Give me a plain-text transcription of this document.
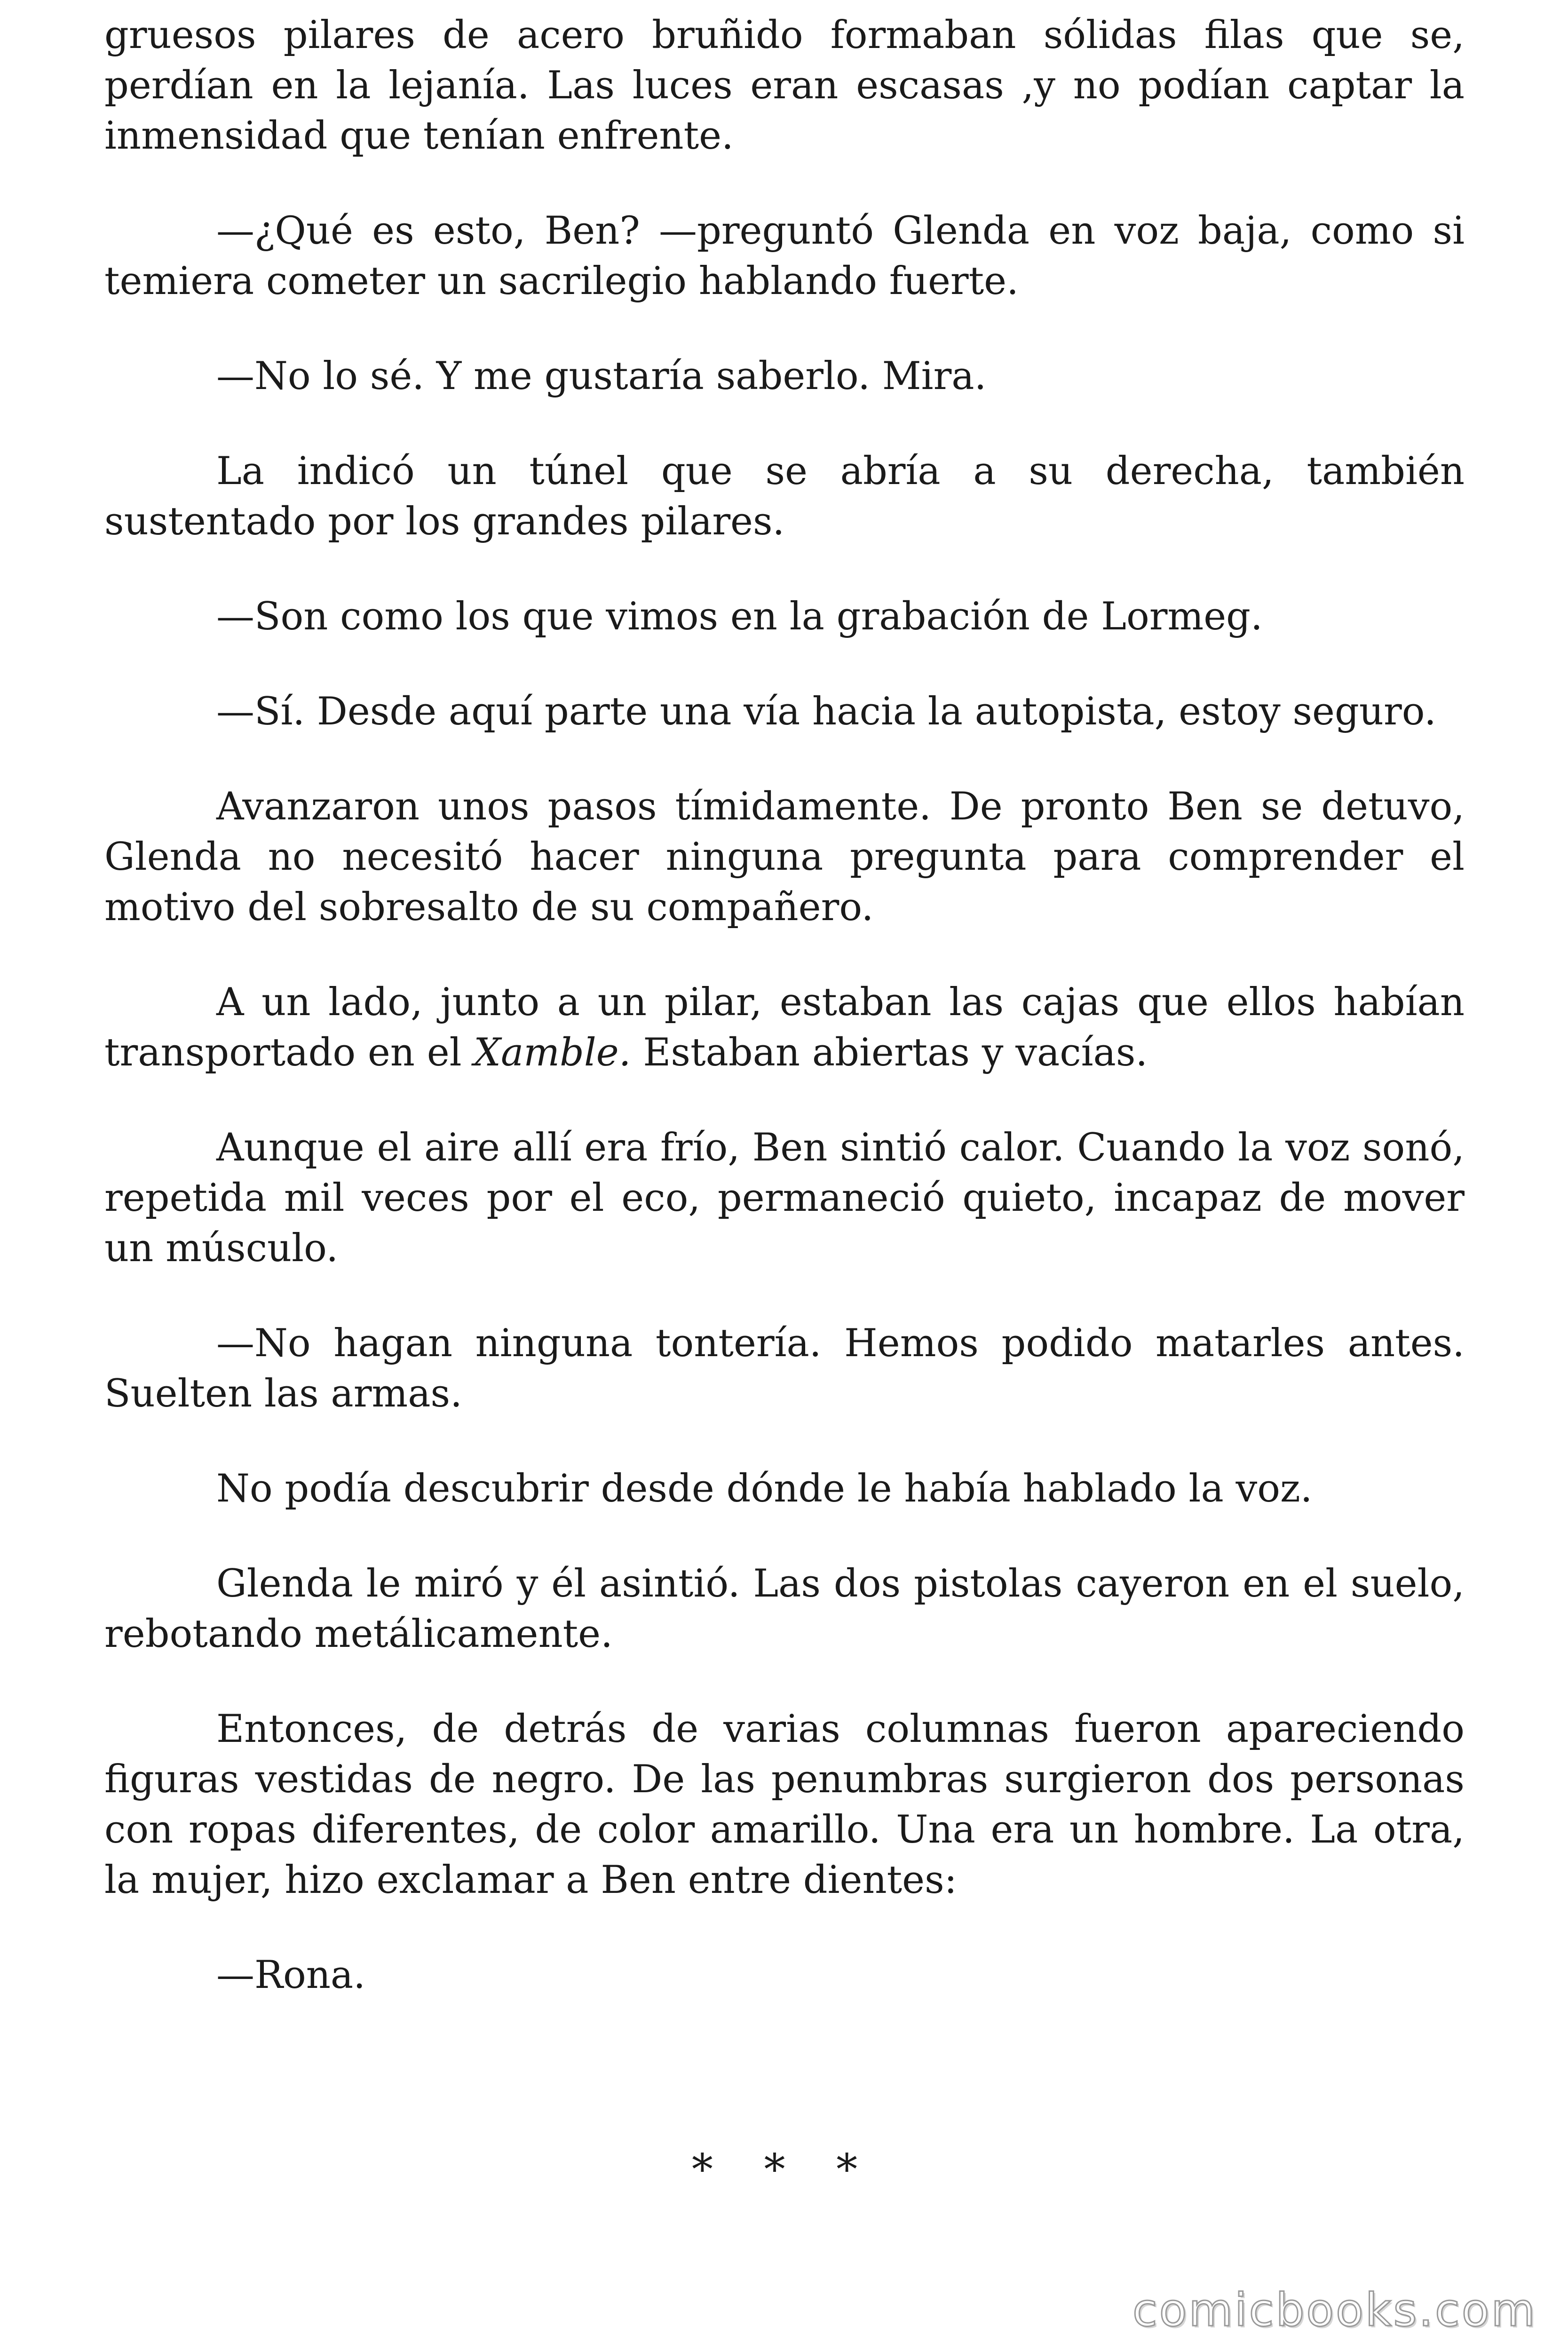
gruesos pilares de acero bruñido formaban sólidas filas que se, perdían en la lejanía. Las luces eran escasas ,y no podían captar la inmensidad que tenían enfrente.

—¿Qué es esto, Ben? —preguntó Glenda en voz baja, como si temiera cometer un sacrilegio hablando fuerte.

—No lo sé. Y me gustaría saberlo. Mira.

La indicó un túnel que se abría a su derecha, también sustentado por los grandes pilares.

—Son como los que vimos en la grabación de Lormeg.

—Sí. Desde aquí parte una vía hacia la autopista, estoy seguro.

Avanzaron unos pasos tímidamente. De pronto Ben se detuvo, Glenda no necesitó hacer ninguna pregunta para comprender el motivo del sobresalto de su compañero.

A un lado, junto a un pilar, estaban las cajas que ellos habían transportado en el Xamble. Estaban abiertas y vacías.

Aunque el aire allí era frío, Ben sintió calor. Cuando la voz sonó, repetida mil veces por el eco, permaneció quieto, incapaz de mover un músculo.

—No hagan ninguna tontería. Hemos podido matarles antes. Suelten las armas.

No podía descubrir desde dónde le había hablado la voz.

Glenda le miró y él asintió. Las dos pistolas cayeron en el suelo, rebotando metálicamente.

Entonces, de detrás de varias columnas fueron apareciendo figuras vestidas de negro. De las penumbras surgieron dos personas con ropas diferentes, de color amarillo. Una era un hombre. La otra, la mujer, hizo exclamar a Ben entre dientes:

—Rona.

* * *
comicbooks.com
